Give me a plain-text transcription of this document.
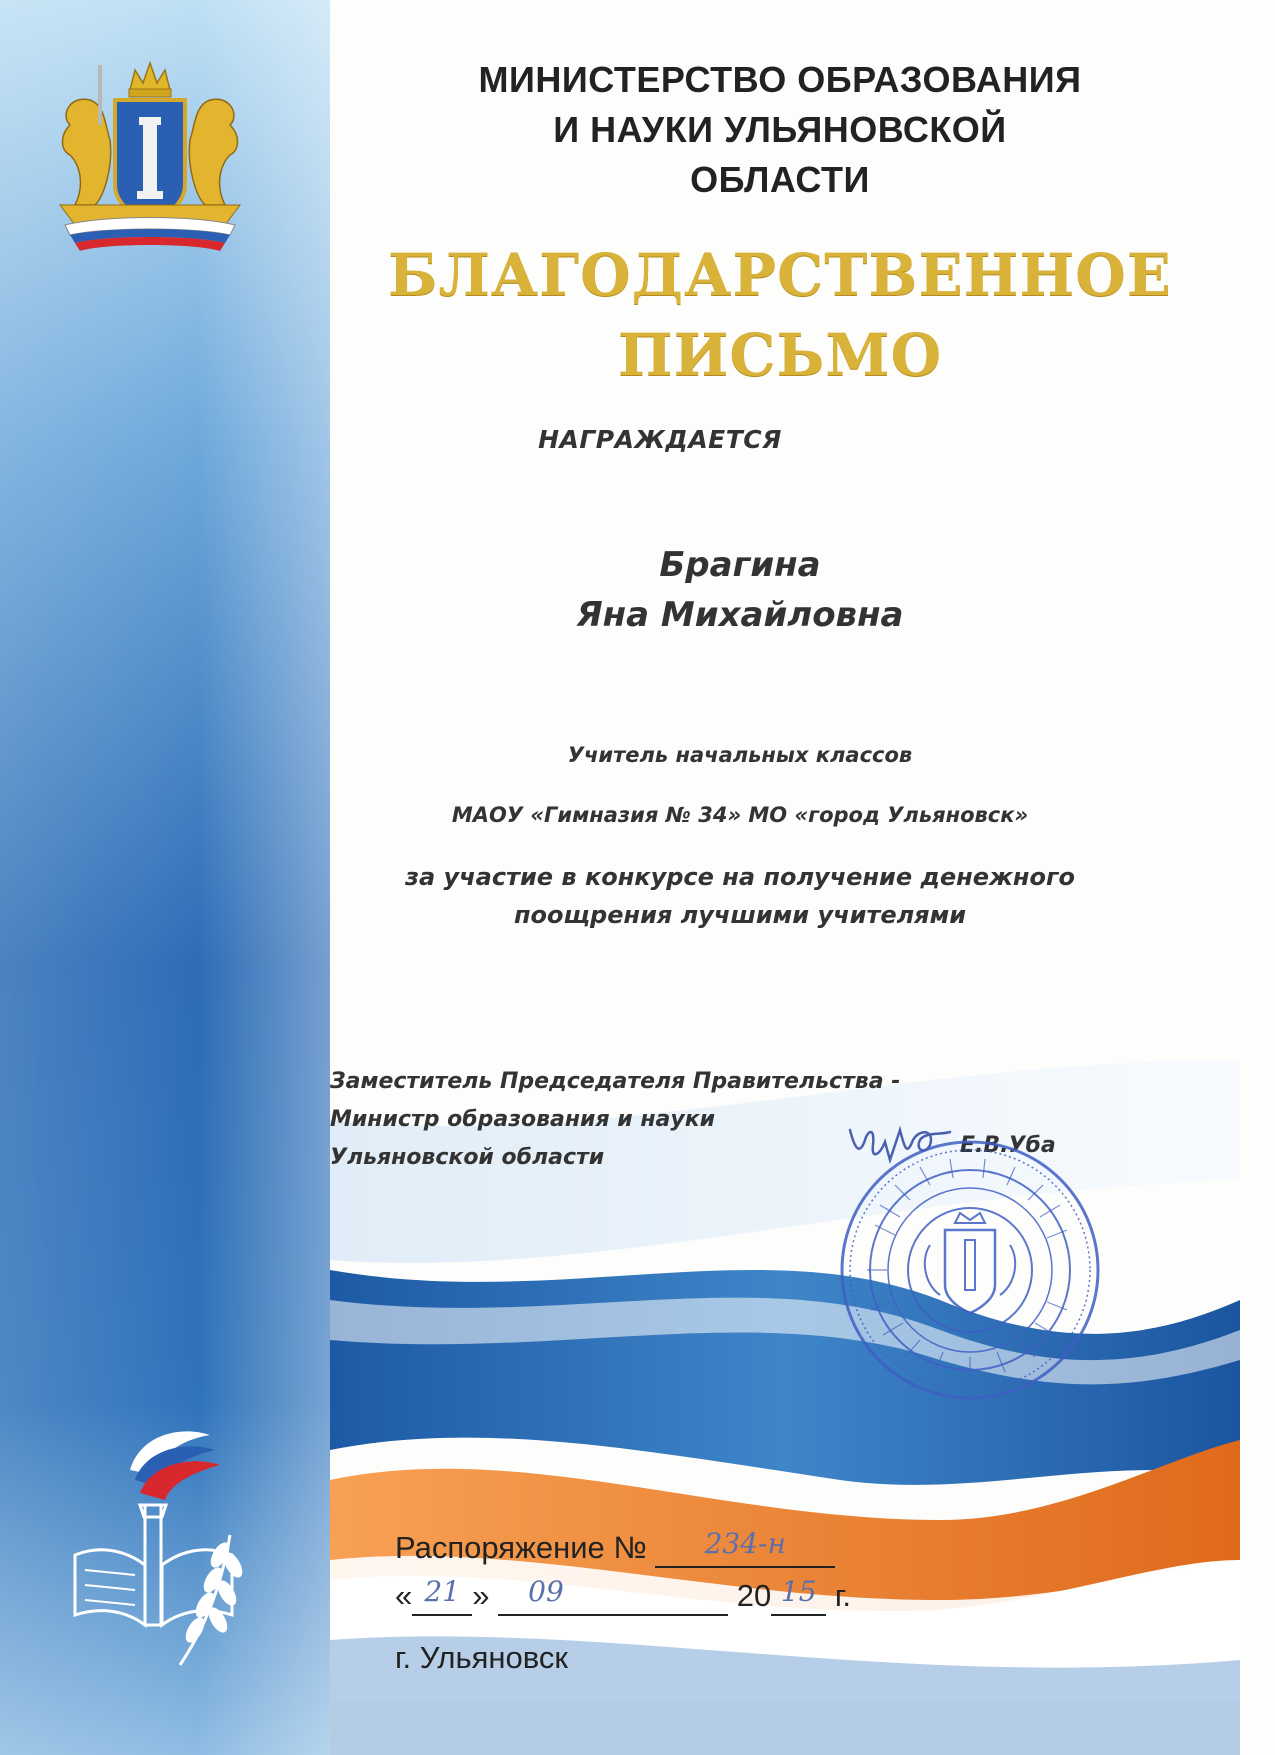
МИНИСТЕРСТВО ОБРАЗОВАНИЯ
И НАУКИ УЛЬЯНОВСКОЙ
ОБЛАСТИ
БЛАГОДАРСТВЕННОЕ
ПИСЬМО
НАГРАЖДАЕТСЯ
Брагина
Яна Михайловна
Учитель начальных классов
МАОУ «Гимназия № 34» МО «город Ульяновск»
за участие в конкурсе на получение денежного
поощрения лучшими учителями
Заместитель Председателя Правительства -
Министр образования и науки
Ульяновской области	Е.В.Уба
Распоряжение №	234-н
« 21 »	09	20 15 г.
г. Ульяновск
